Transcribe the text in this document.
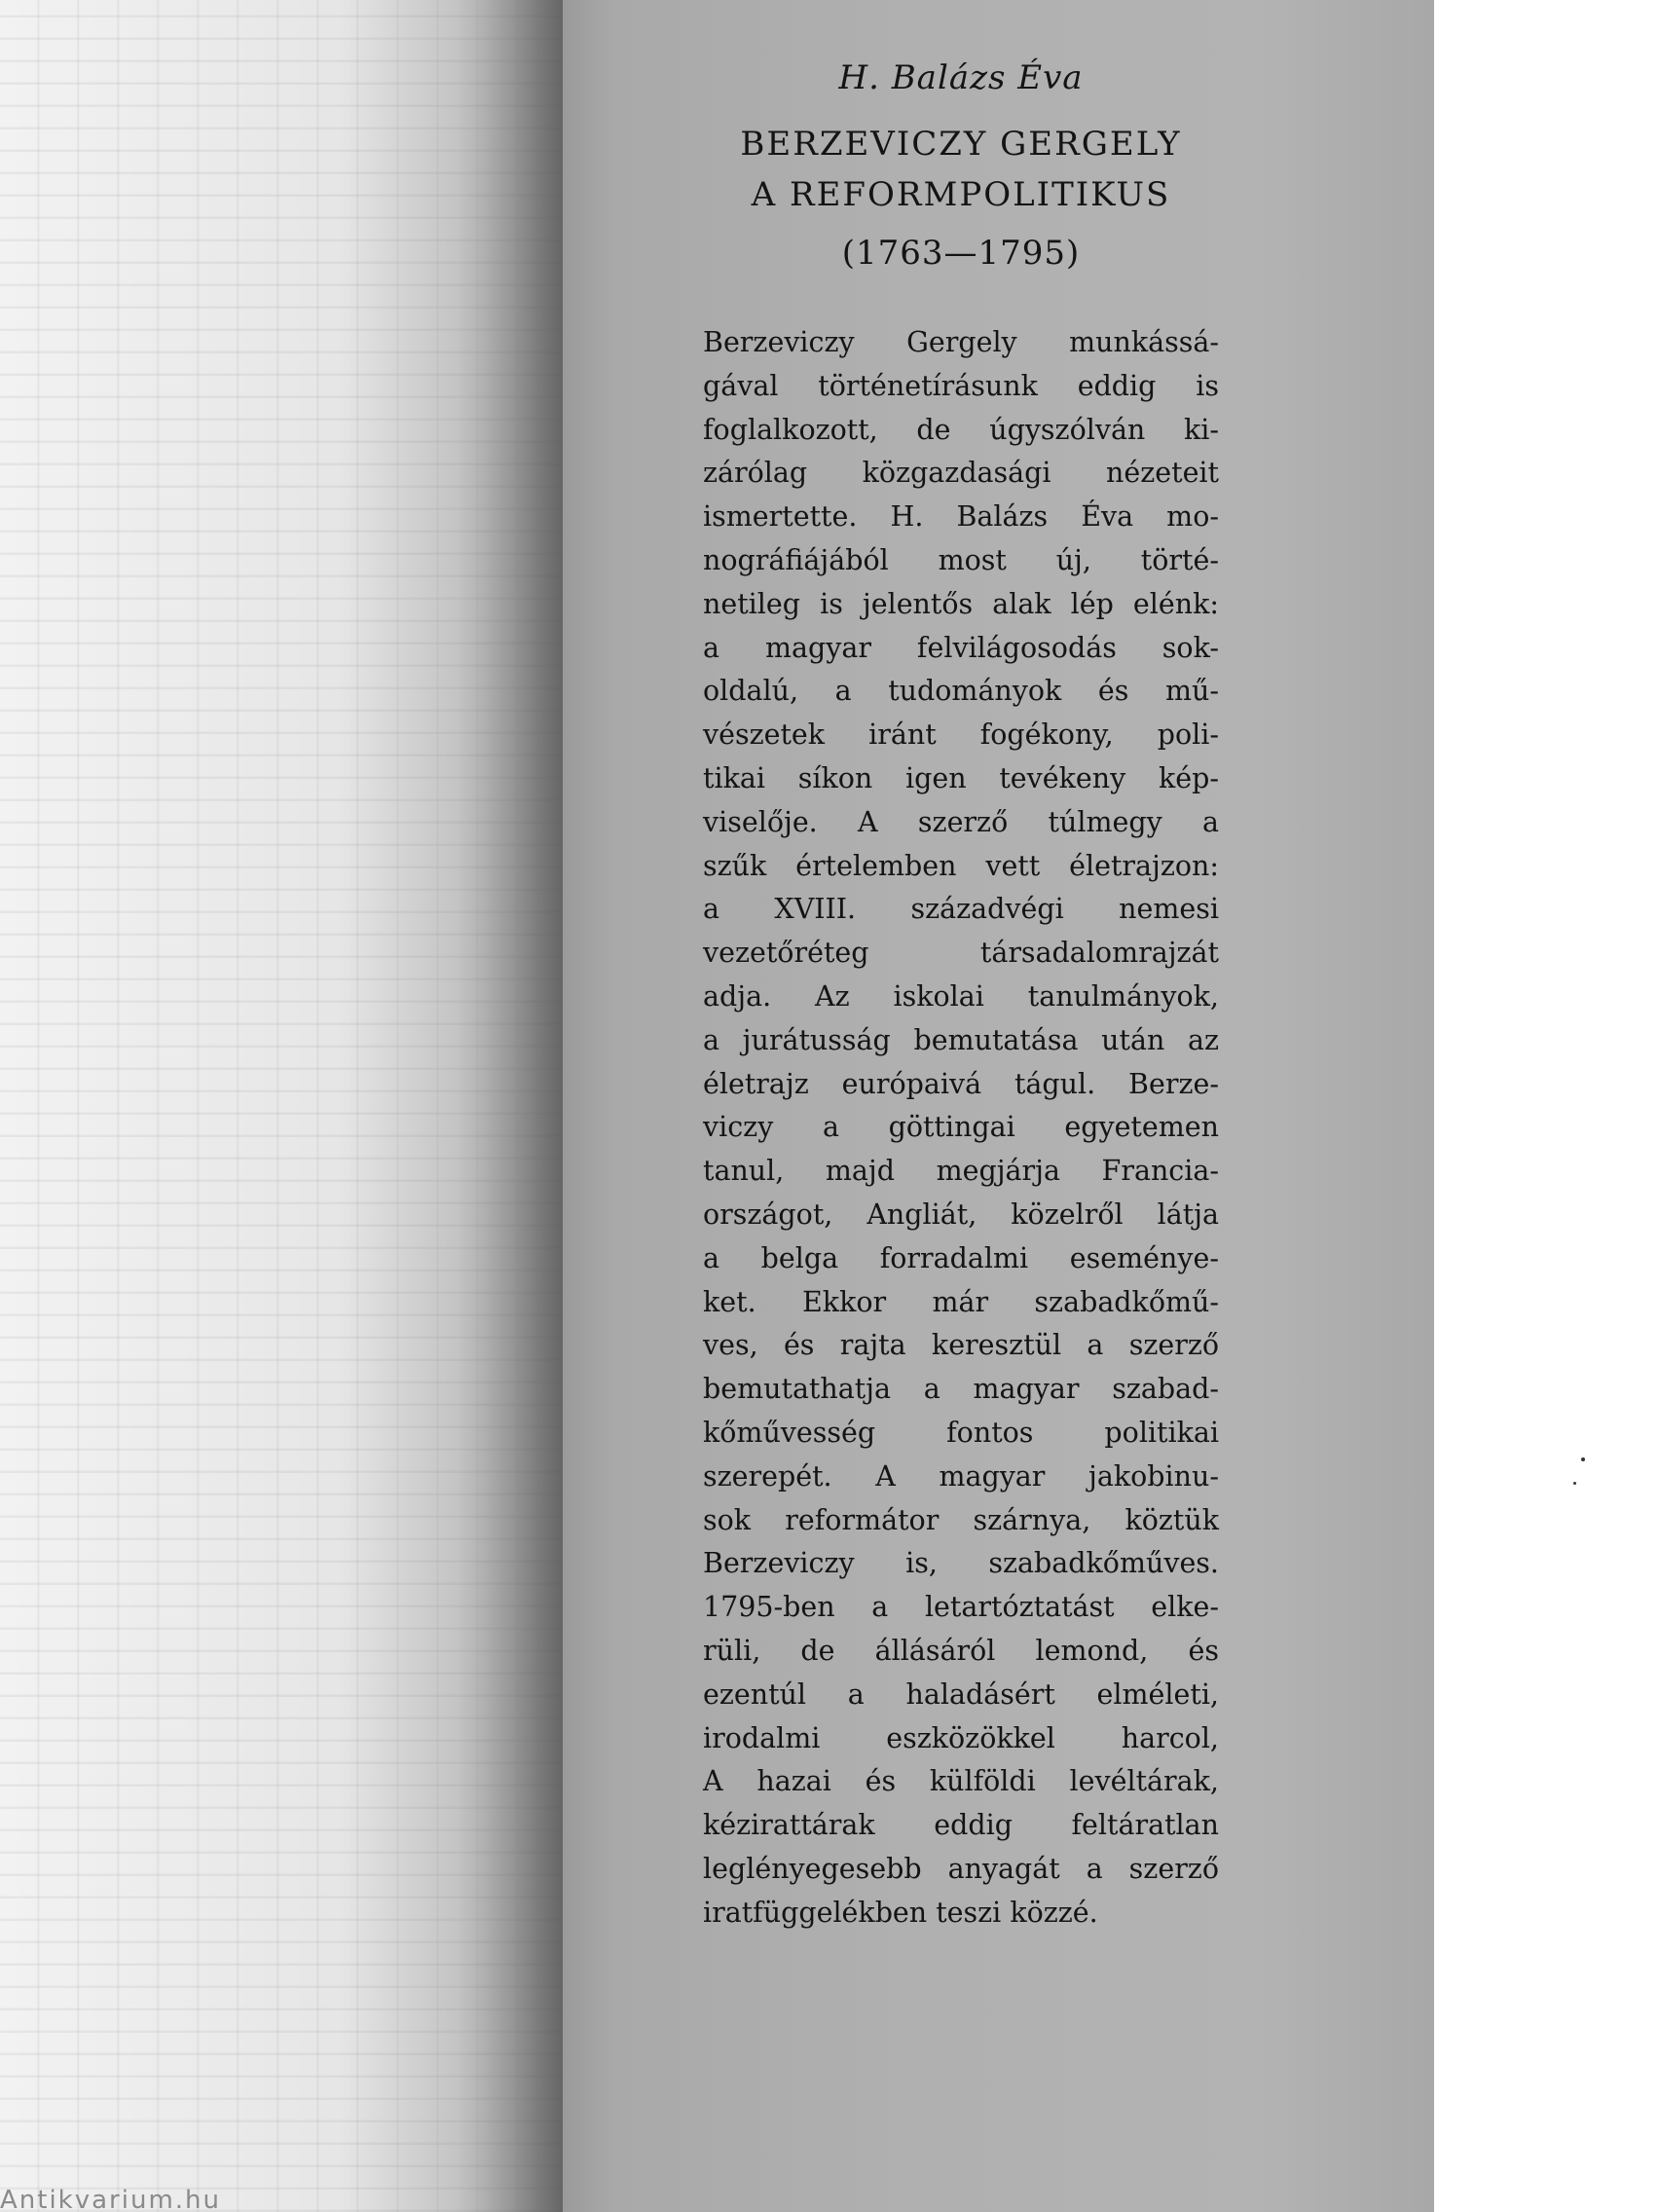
H. Balázs Éva

BERZEVICZY GERGELY
A REFORMPOLITIKUS
(1763—1795)
Berzeviczy Gergely munkássá-
gával történetírásunk eddig is
foglalkozott, de úgyszólván ki-
zárólag közgazdasági nézeteit
ismertette. H. Balázs Éva mo-
nográfiájából most új, törté-
netileg is jelentős alak lép elénk:
a magyar felvilágosodás sok-
oldalú, a tudományok és mű-
vészetek iránt fogékony, poli-
tikai síkon igen tevékeny kép-
viselője. A szerző túlmegy a
szűk értelemben vett életrajzon:
a XVIII. századvégi nemesi
vezetőréteg társadalomrajzát
adja. Az iskolai tanulmányok,
a jurátusság bemutatása után az
életrajz európaivá tágul. Berze-
viczy a göttingai egyetemen
tanul, majd megjárja Francia-
országot, Angliát, közelről látja
a belga forradalmi eseménye-
ket. Ekkor már szabadkőmű-
ves, és rajta keresztül a szerző
bemutathatja a magyar szabad-
kőművesség fontos politikai
szerepét. A magyar jakobinu-
sok reformátor szárnya, köztük
Berzeviczy is, szabadkőműves.
1795-ben a letartóztatást elke-
rüli, de állásáról lemond, és
ezentúl a haladásért elméleti,
irodalmi eszközökkel harcol,
A hazai és külföldi levéltárak,
kézirattárak eddig feltáratlan
leglényegesebb anyagát a szerző
iratfüggelékben teszi közzé.
Antikvarium.hu
